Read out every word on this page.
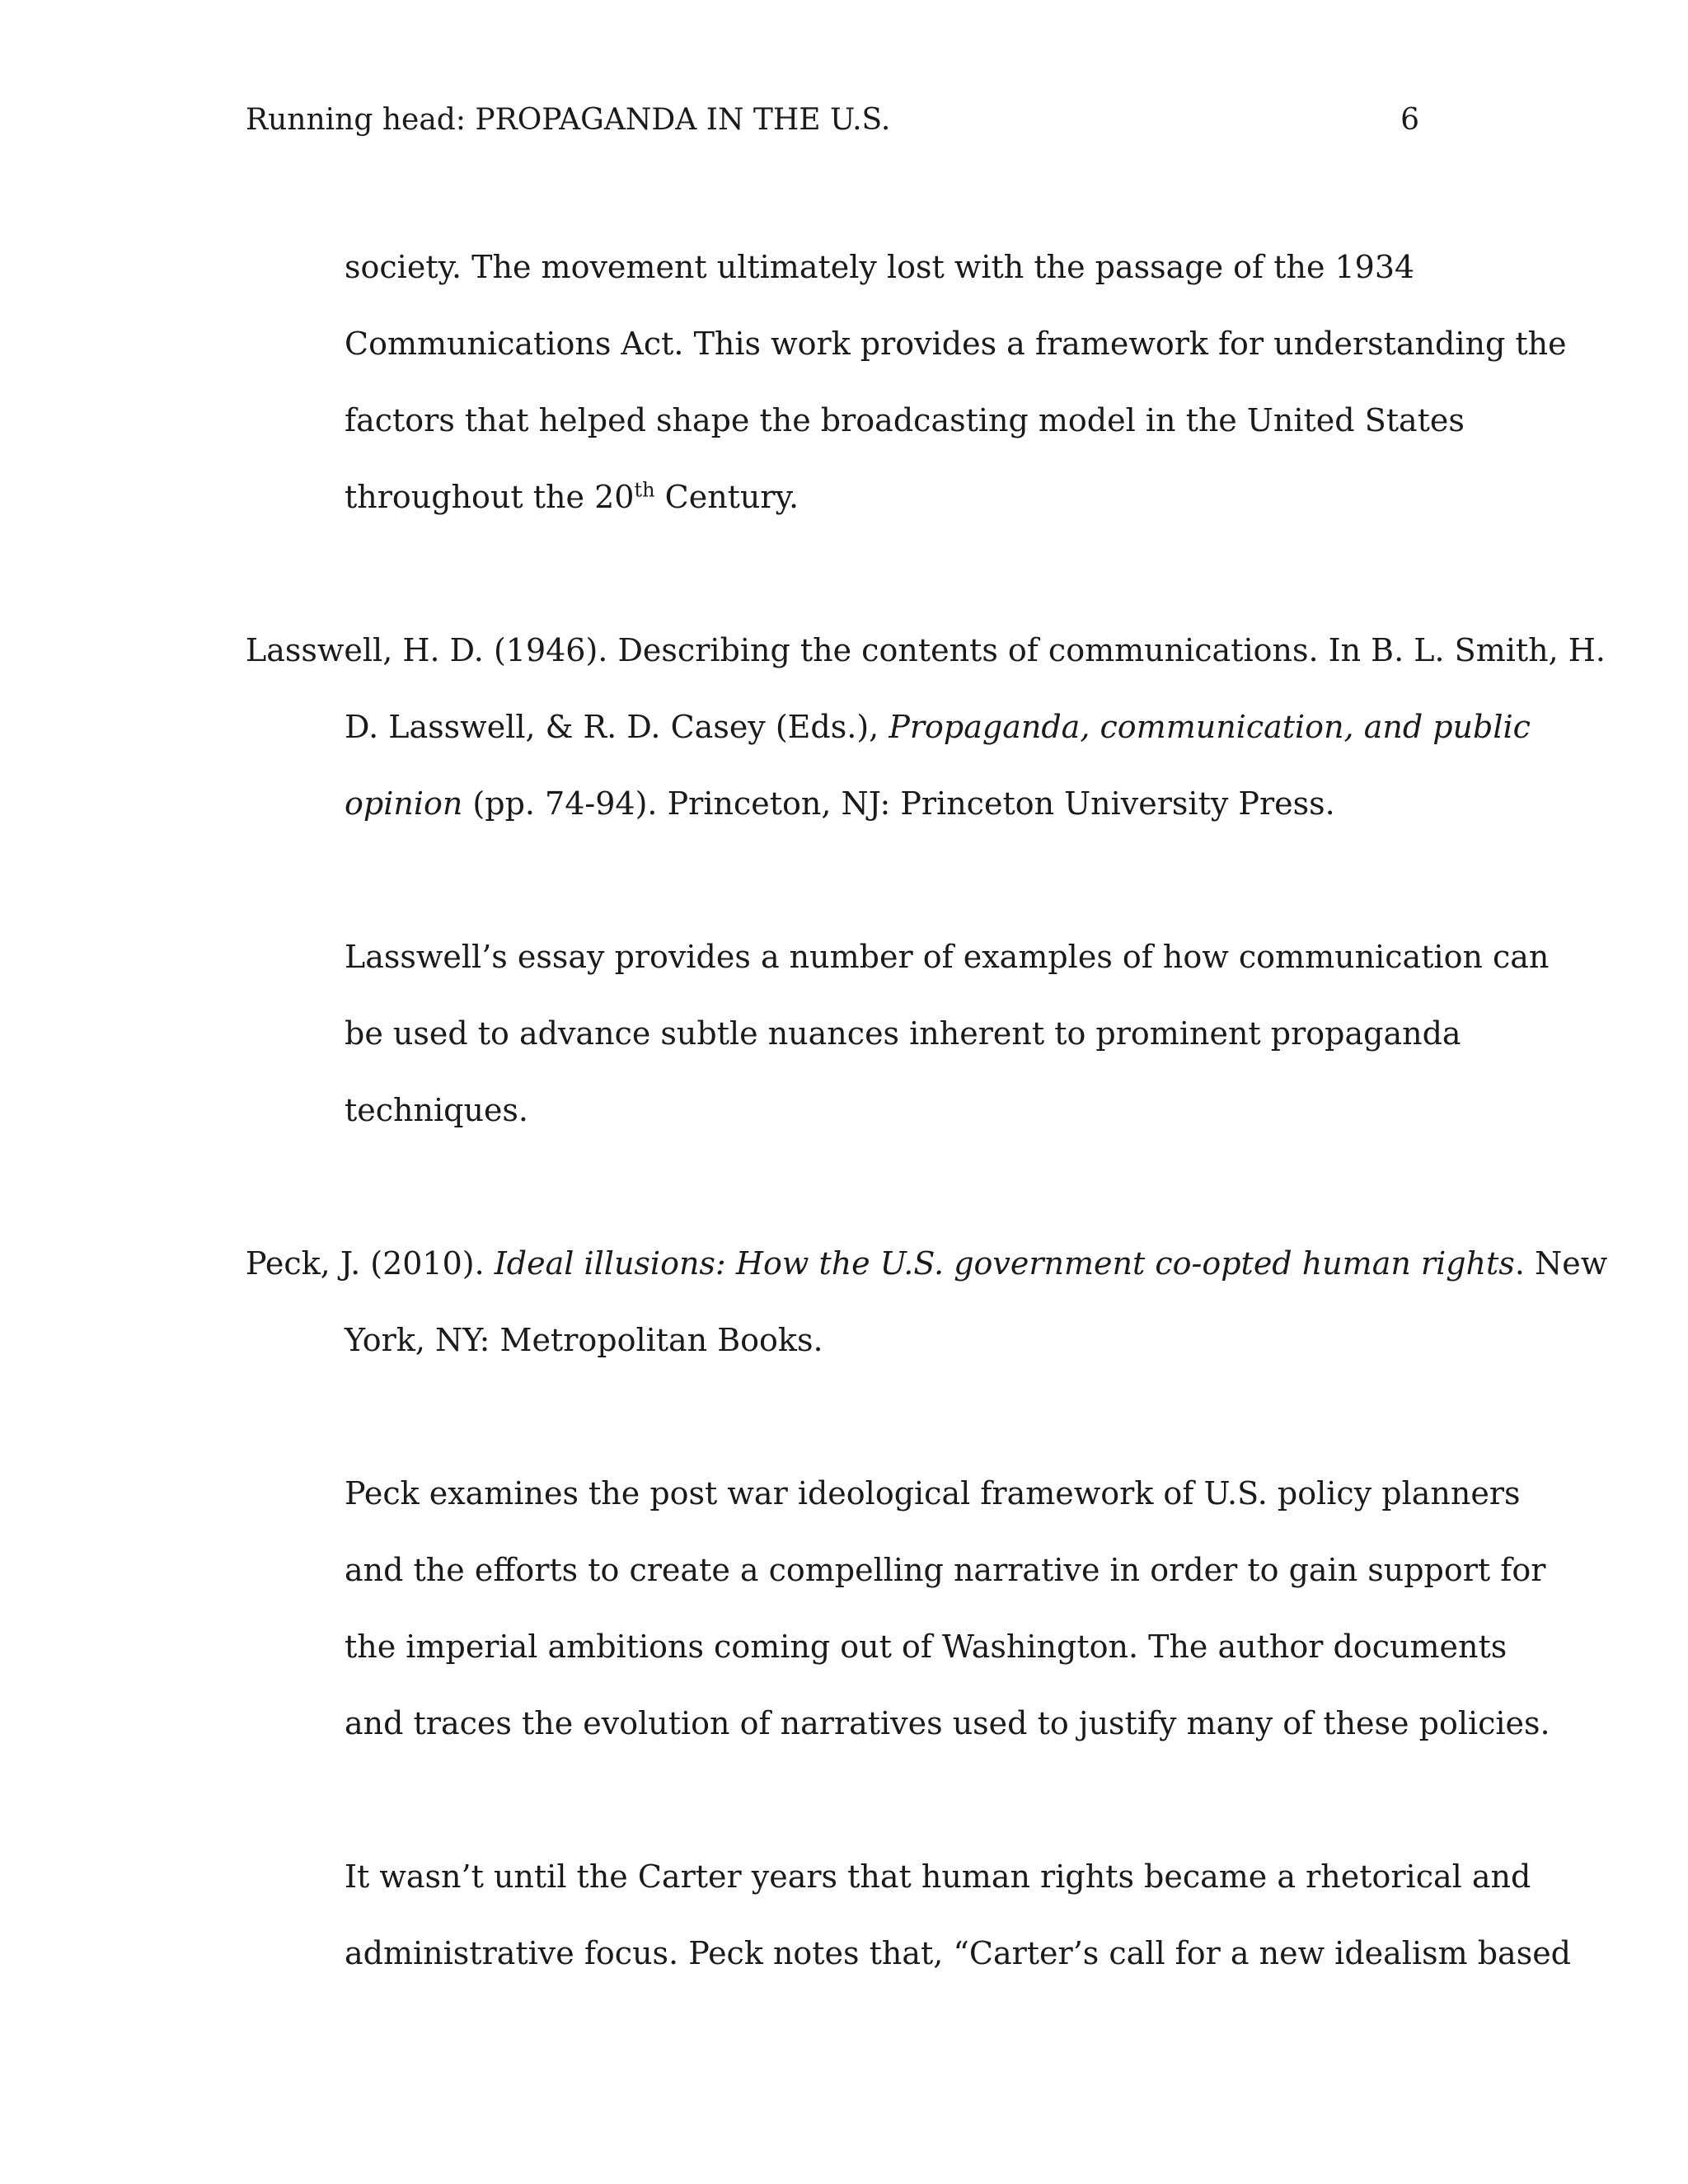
Running head: PROPAGANDA IN THE U.S.	6
society. The movement ultimately lost with the passage of the 1934
Communications Act. This work provides a framework for understanding the
factors that helped shape the broadcasting model in the United States
throughout the 20th Century.
Lasswell, H. D. (1946). Describing the contents of communications. In B. L. Smith, H.
D. Lasswell, & R. D. Casey (Eds.), Propaganda, communication, and public
opinion (pp. 74-94). Princeton, NJ: Princeton University Press.
Lasswell’s essay provides a number of examples of how communication can
be used to advance subtle nuances inherent to prominent propaganda
techniques.
Peck, J. (2010). Ideal illusions: How the U.S. government co-opted human rights. New
York, NY: Metropolitan Books.
Peck examines the post war ideological framework of U.S. policy planners
and the efforts to create a compelling narrative in order to gain support for
the imperial ambitions coming out of Washington. The author documents
and traces the evolution of narratives used to justify many of these policies.
It wasn’t until the Carter years that human rights became a rhetorical and
administrative focus. Peck notes that, “Carter’s call for a new idealism based
